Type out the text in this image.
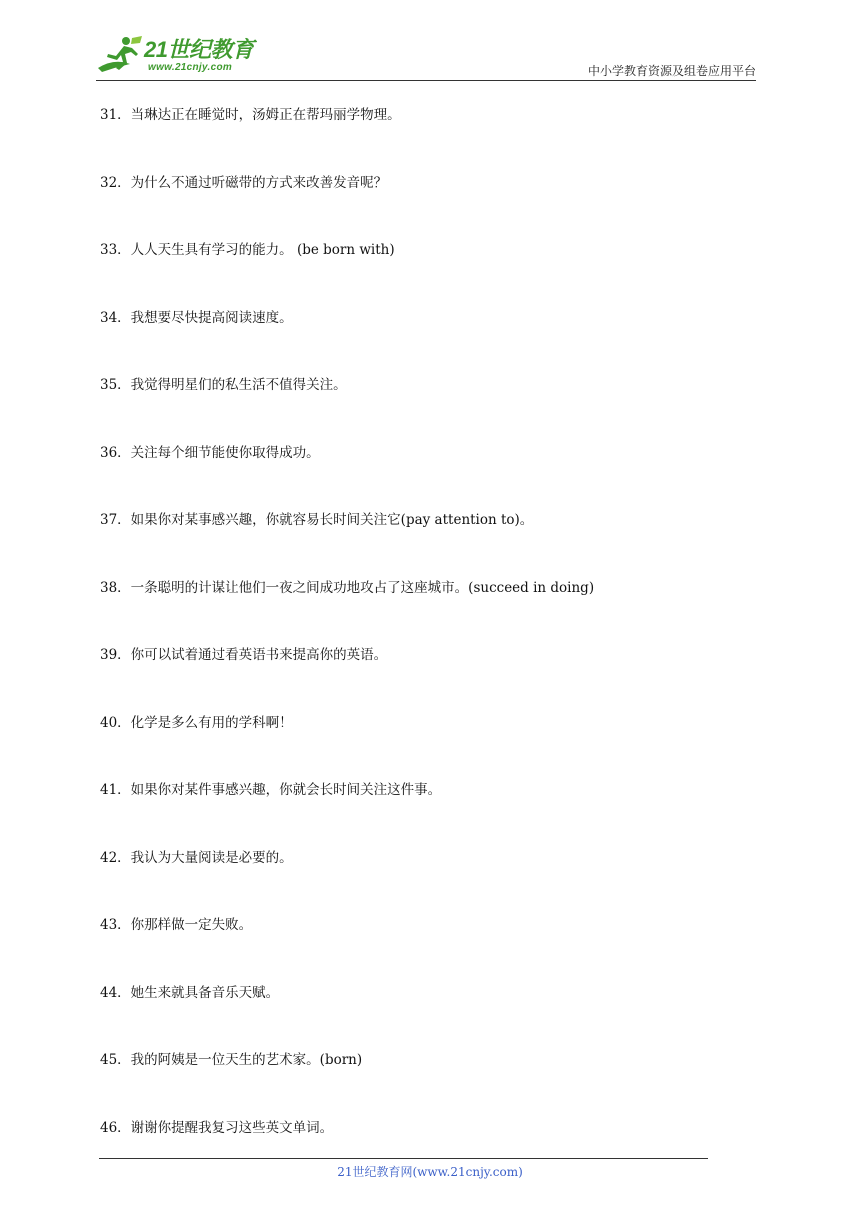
21世纪教育
www.21cnjy.com	中小学教育资源及组卷应用平台
31．当琳达正在睡觉时，汤姆正在帮玛丽学物理。
32．为什么不通过听磁带的方式来改善发音呢？
33．人人天生具有学习的能力。 (be born with)
34．我想要尽快提高阅读速度。
35．我觉得明星们的私生活不值得关注。
36．关注每个细节能使你取得成功。
37．如果你对某事感兴趣，你就容易长时间关注它(pay attention to)。
38．一条聪明的计谋让他们一夜之间成功地攻占了这座城市。(succeed in doing)
39．你可以试着通过看英语书来提高你的英语。
40．化学是多么有用的学科啊！
41．如果你对某件事感兴趣，你就会长时间关注这件事。
42．我认为大量阅读是必要的。
43．你那样做一定失败。
44．她生来就具备音乐天赋。
45．我的阿姨是一位天生的艺术家。(born)
46．谢谢你提醒我复习这些英文单词。
21世纪教育网(www.21cnjy.com)
